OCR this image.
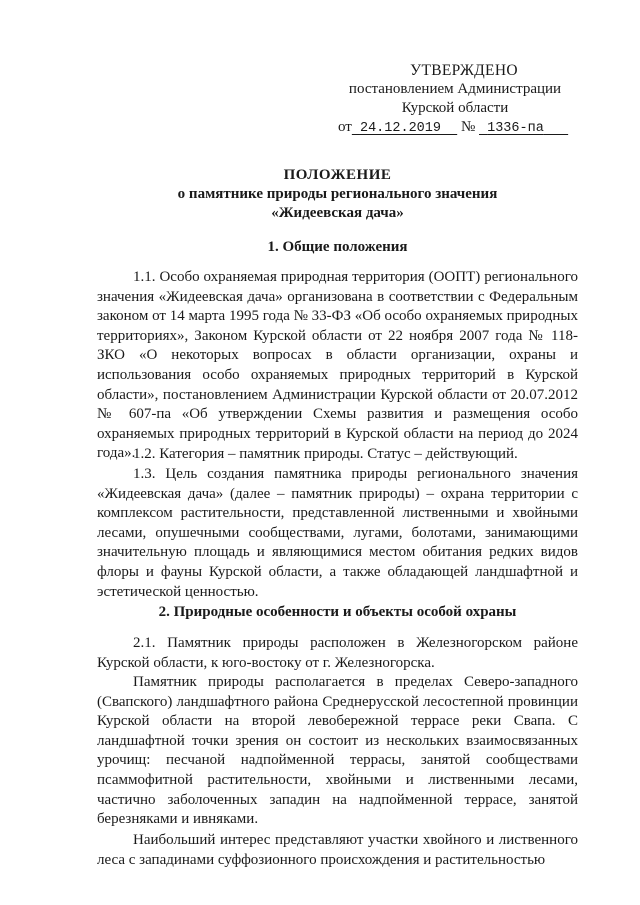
УТВЕРЖДЕНО
постановлением Администрации
Курской области
от 24.12.2019 № 1336-па
ПОЛОЖЕНИЕ
о памятнике природы регионального значения
«Жидеевская дача»
1. Общие положения

1.1. Особо охраняемая природная территория (ООПТ) регионального значения «Жидеевская дача» организована в соответствии с Федеральным законом от 14 марта 1995 года № 33-ФЗ «Об особо охраняемых природных территориях», Законом Курской области от 22 ноября 2007 года № 118-ЗКО «О некоторых вопросах в области организации, охраны и использования особо охраняемых природных территорий в Курской области», постановлением Администрации Курской области от 20.07.2012 № 607-па «Об утверждении Схемы развития и размещения особо охраняемых природных территорий в Курской области на период до 2024 года».

1.2. Категория – памятник природы. Статус – действующий.

1.3. Цель создания памятника природы регионального значения «Жидеевская дача» (далее – памятник природы) – охрана территории с комплексом растительности, представленной лиственными и хвойными лесами, опушечными сообществами, лугами, болотами, занимающими значительную площадь и являющимися местом обитания редких видов флоры и фауны Курской области, а также обладающей ландшафтной и эстетической ценностью.

2. Природные особенности и объекты особой охраны

2.1. Памятник природы расположен в Железногорском районе Курской области, к юго-востоку от г. Железногорска.

Памятник природы располагается в пределах Северо-западного (Свапского) ландшафтного района Среднерусской лесостепной провинции Курской области на второй левобережной террасе реки Свапа. С ландшафтной точки зрения он состоит из нескольких взаимосвязанных урочищ: песчаной надпойменной террасы, занятой сообществами псаммофитной растительности, хвойными и лиственными лесами, частично заболоченных западин на надпойменной террасе, занятой березняками и ивняками.

Наибольший интерес представляют участки хвойного и лиственного леса с западинами суффозионного происхождения и растительностью
